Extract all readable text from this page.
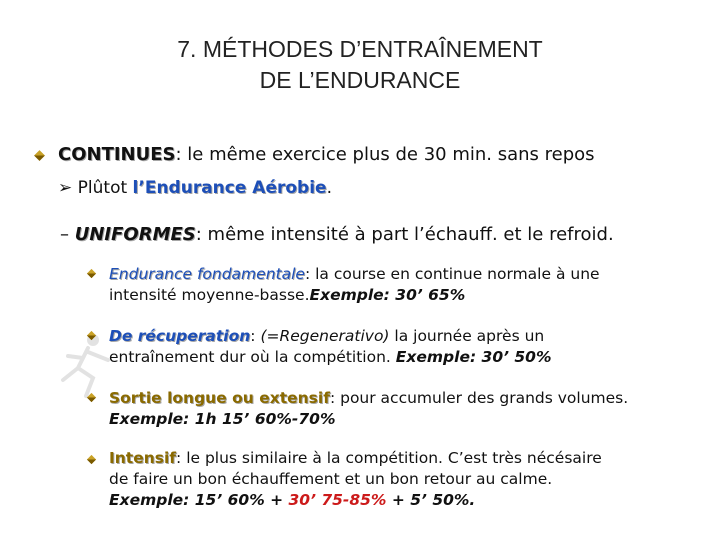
7. MÉTHODES D’ENTRAÎNEMENT
DE L’ENDURANCE
CONTINUES: le même exercice plus de 30 min. sans repos
➢ Plûtot l’Endurance Aérobie.
– UNIFORMES: même intensité à part l’échauff. et le refroid.
Endurance fondamentale: la course en continue normale à une
intensité moyenne-basse.Exemple: 30’ 65%
De récuperation: (=Regenerativo) la journée après un
entraînement dur où la compétition. Exemple: 30’ 50%
Sortie longue ou extensif: pour accumuler des grands volumes.
Exemple: 1h 15’ 60%-70%
Intensif: le plus similaire à la compétition. C’est très nécésaire
de faire un bon échauffement et un bon retour au calme.
Exemple: 15’ 60% + 30’ 75-85% + 5’ 50%.
